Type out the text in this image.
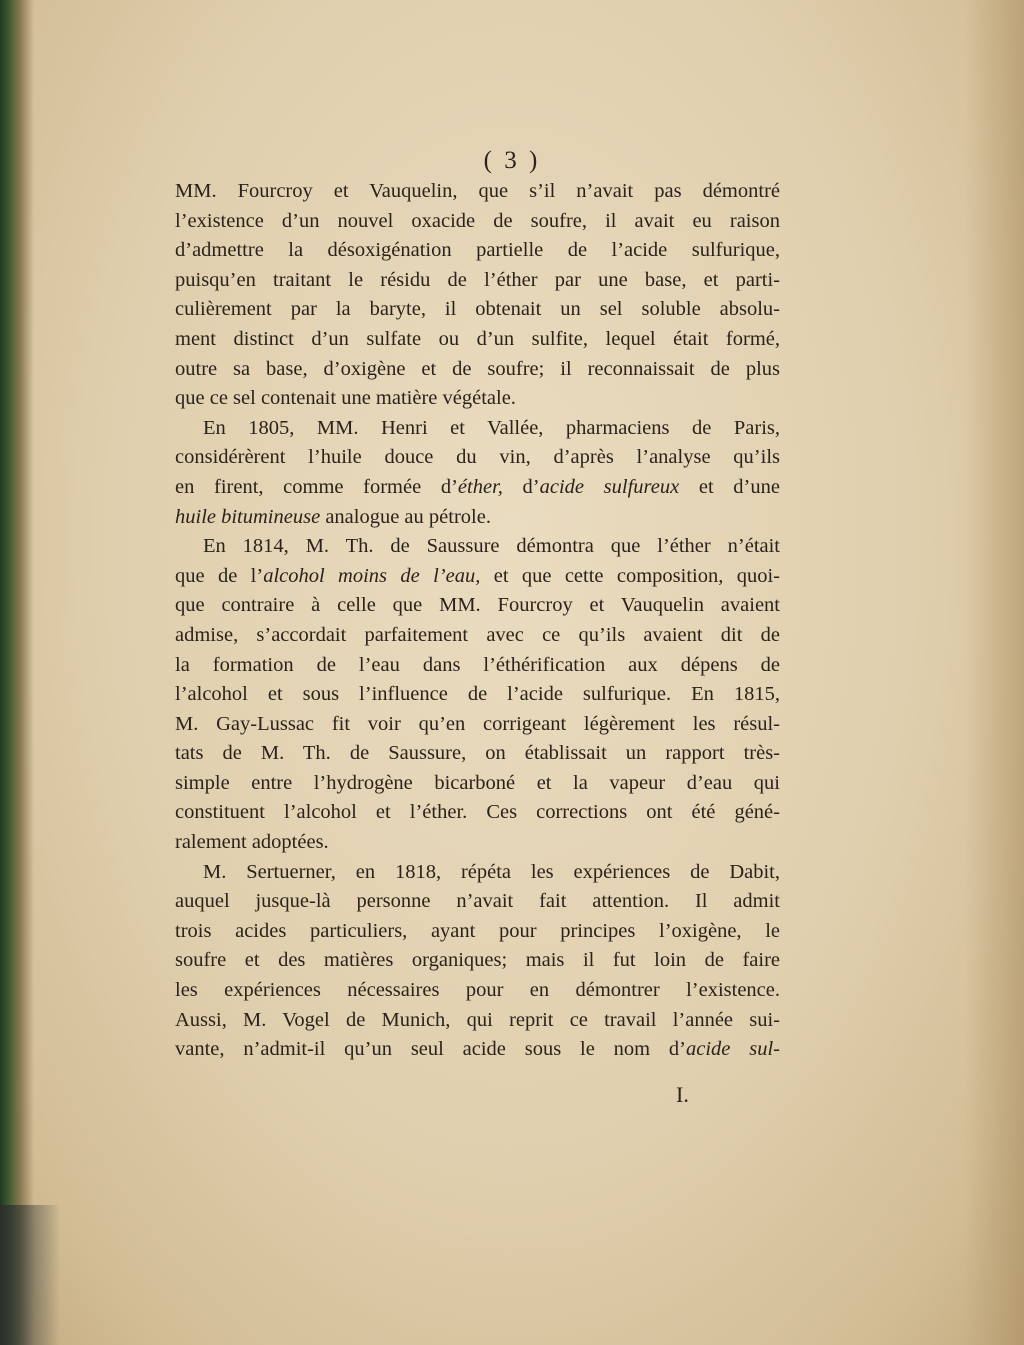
( 3 )
MM. Fourcroy et Vauquelin, que s’il n’avait pas démontré
l’existence d’un nouvel oxacide de soufre, il avait eu raison
d’admettre la désoxigénation partielle de l’acide sulfurique,
puisqu’en traitant le résidu de l’éther par une base, et parti-
culièrement par la baryte, il obtenait un sel soluble absolu-
ment distinct d’un sulfate ou d’un sulfite, lequel était formé,
outre sa base, d’oxigène et de soufre; il reconnaissait de plus
que ce sel contenait une matière végétale.
En 1805, MM. Henri et Vallée, pharmaciens de Paris,
considérèrent l’huile douce du vin, d’après l’analyse qu’ils
en firent, comme formée d’éther, d’acide sulfureux et d’une
huile bitumineuse analogue au pétrole.
En 1814, M. Th. de Saussure démontra que l’éther n’était
que de l’alcohol moins de l’eau, et que cette composition, quoi-
que contraire à celle que MM. Fourcroy et Vauquelin avaient
admise, s’accordait parfaitement avec ce qu’ils avaient dit de
la formation de l’eau dans l’éthérification aux dépens de
l’alcohol et sous l’influence de l’acide sulfurique. En 1815,
M. Gay-Lussac fit voir qu’en corrigeant légèrement les résul-
tats de M. Th. de Saussure, on établissait un rapport très-
simple entre l’hydrogène bicarboné et la vapeur d’eau qui
constituent l’alcohol et l’éther. Ces corrections ont été géné-
ralement adoptées.
M. Sertuerner, en 1818, répéta les expériences de Dabit,
auquel jusque-là personne n’avait fait attention. Il admit
trois acides particuliers, ayant pour principes l’oxigène, le
soufre et des matières organiques; mais il fut loin de faire
les expériences nécessaires pour en démontrer l’existence.
Aussi, M. Vogel de Munich, qui reprit ce travail l’année sui-
vante, n’admit-il qu’un seul acide sous le nom d’acide sul-
I.
